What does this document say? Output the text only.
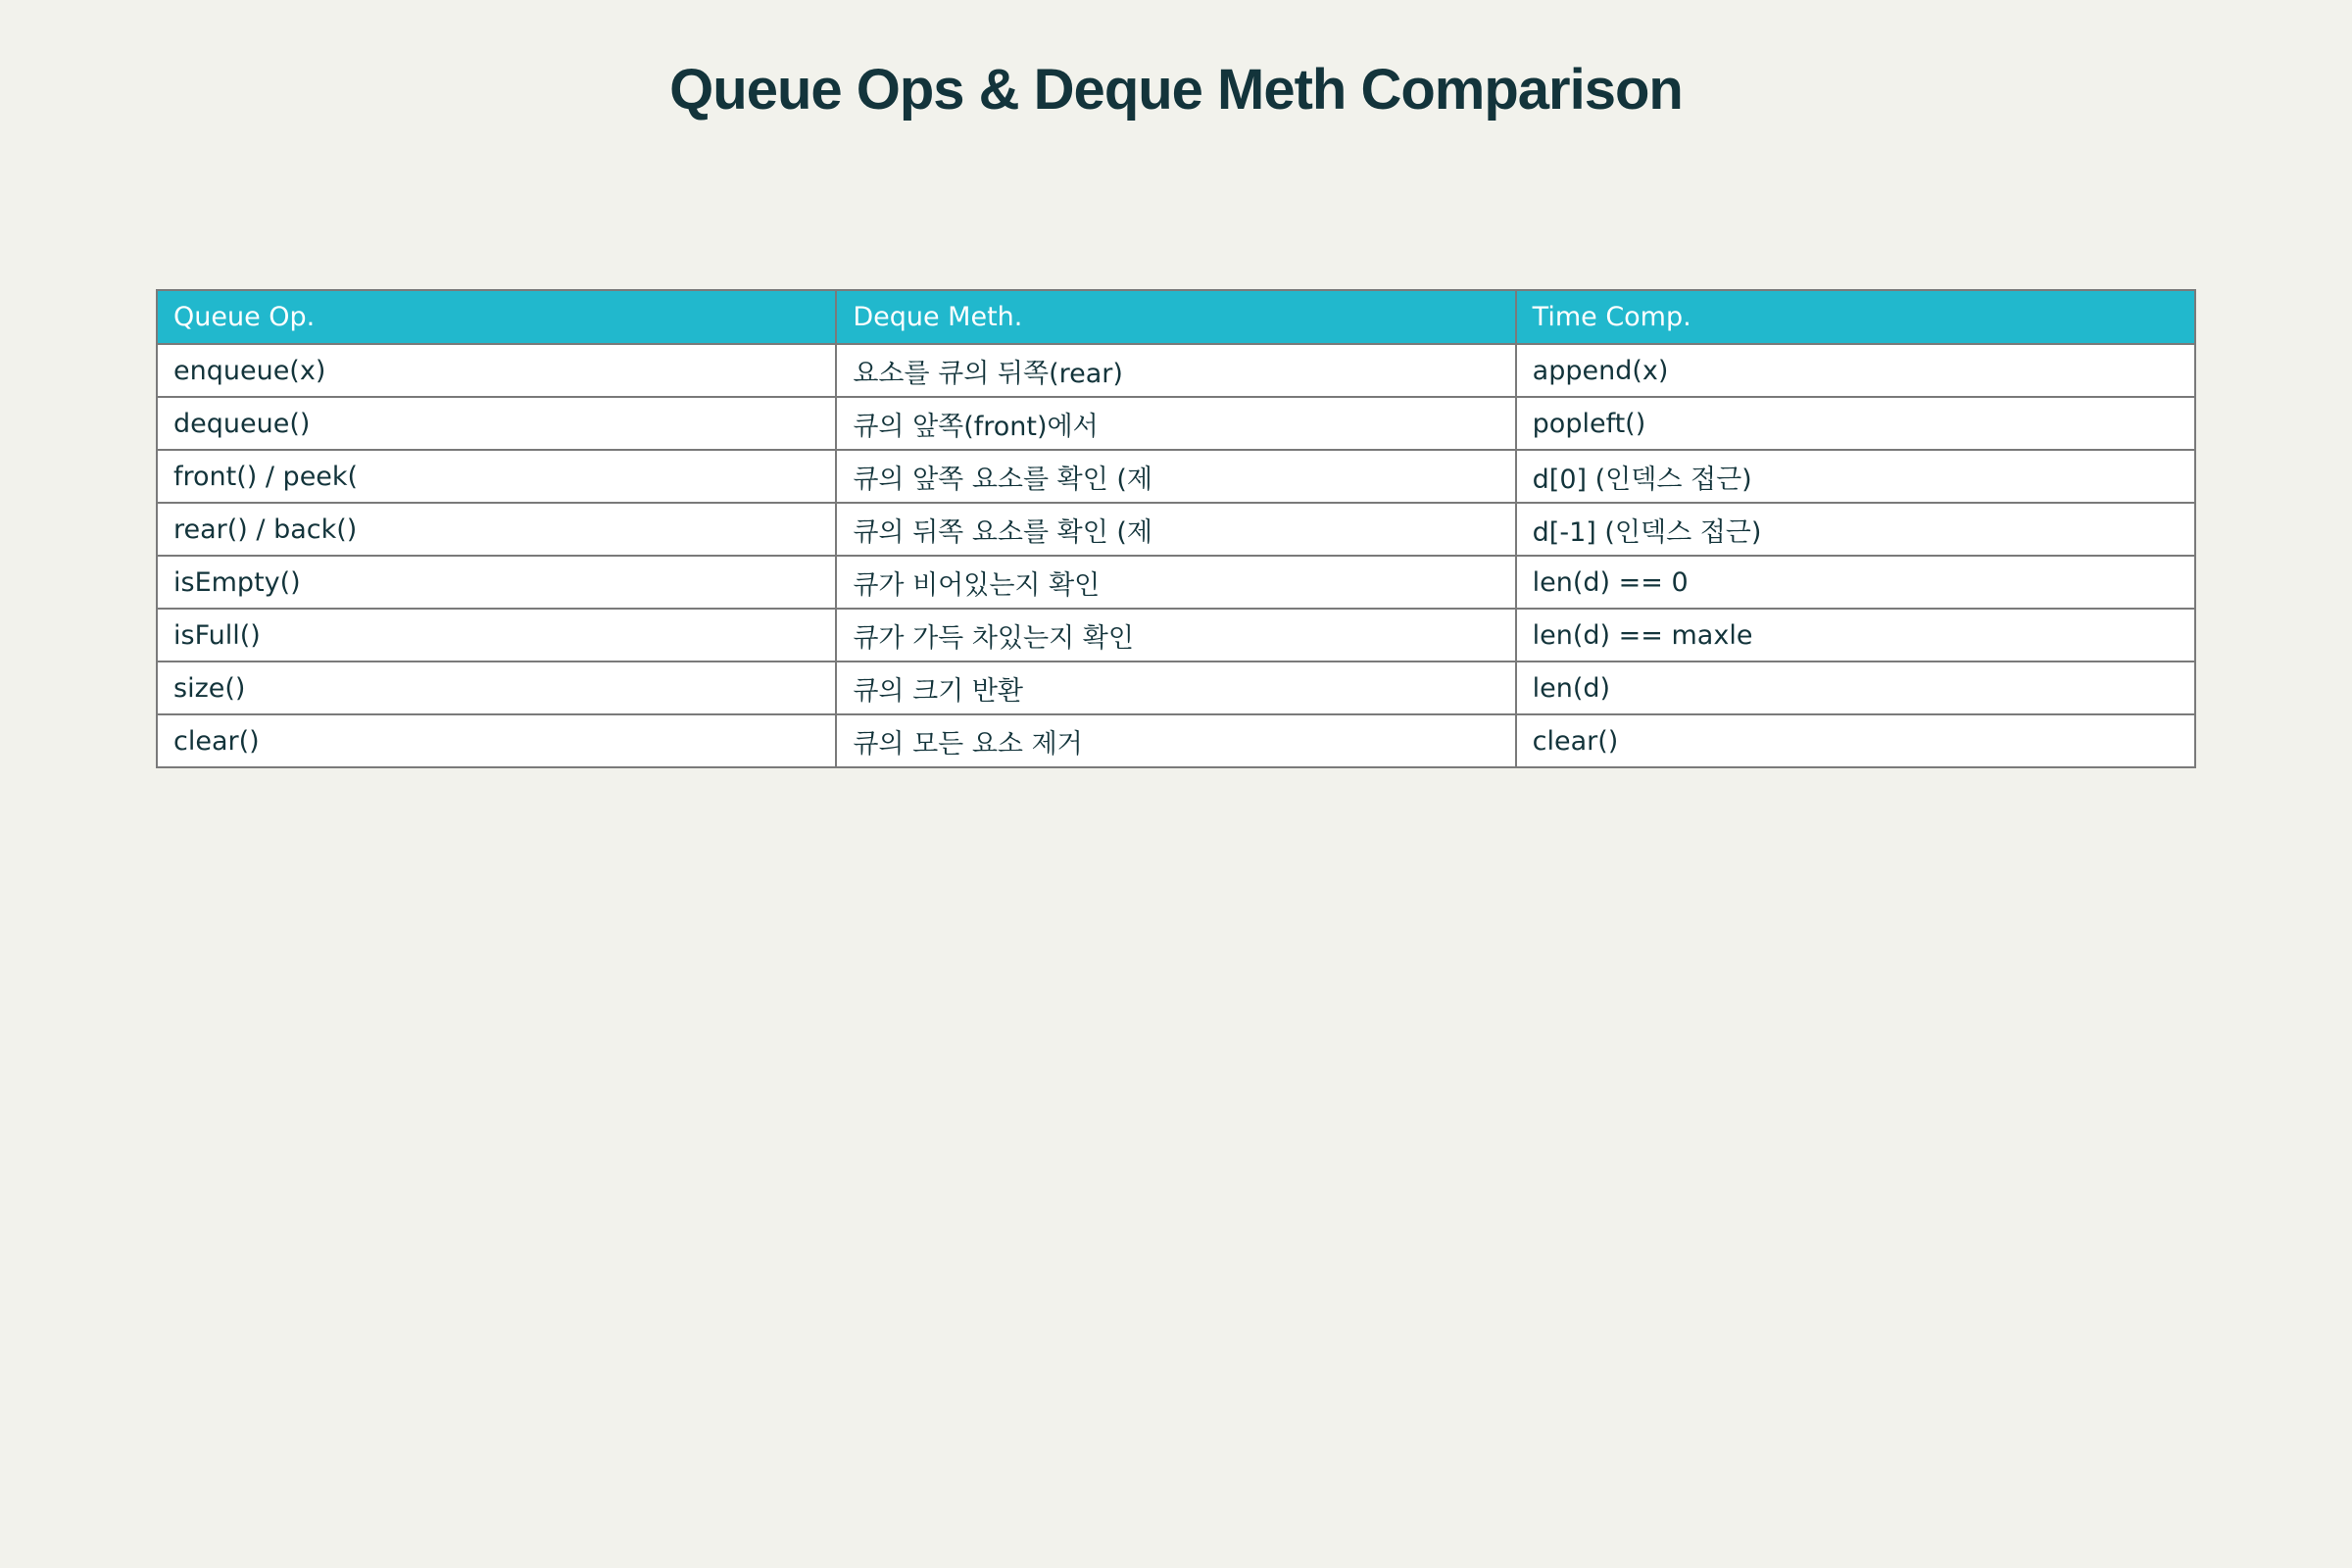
Queue Ops & Deque Meth Comparison
Queue Op.	Deque Meth.	Time Comp.
enqueue(x)	요소를 큐의 뒤쪽(rear)	append(x)
dequeue()	큐의 앞쪽(front)에서	popleft()
front() / peek(	큐의 앞쪽 요소를 확인 (제	d[0] (인덱스 접근)
rear() / back()	큐의 뒤쪽 요소를 확인 (제	d[-1] (인덱스 접근)
isEmpty()	큐가 비어있는지 확인	len(d) == 0
isFull()	큐가 가득 차있는지 확인	len(d) == maxle
size()	큐의 크기 반환	len(d)
clear()	큐의 모든 요소 제거	clear()
